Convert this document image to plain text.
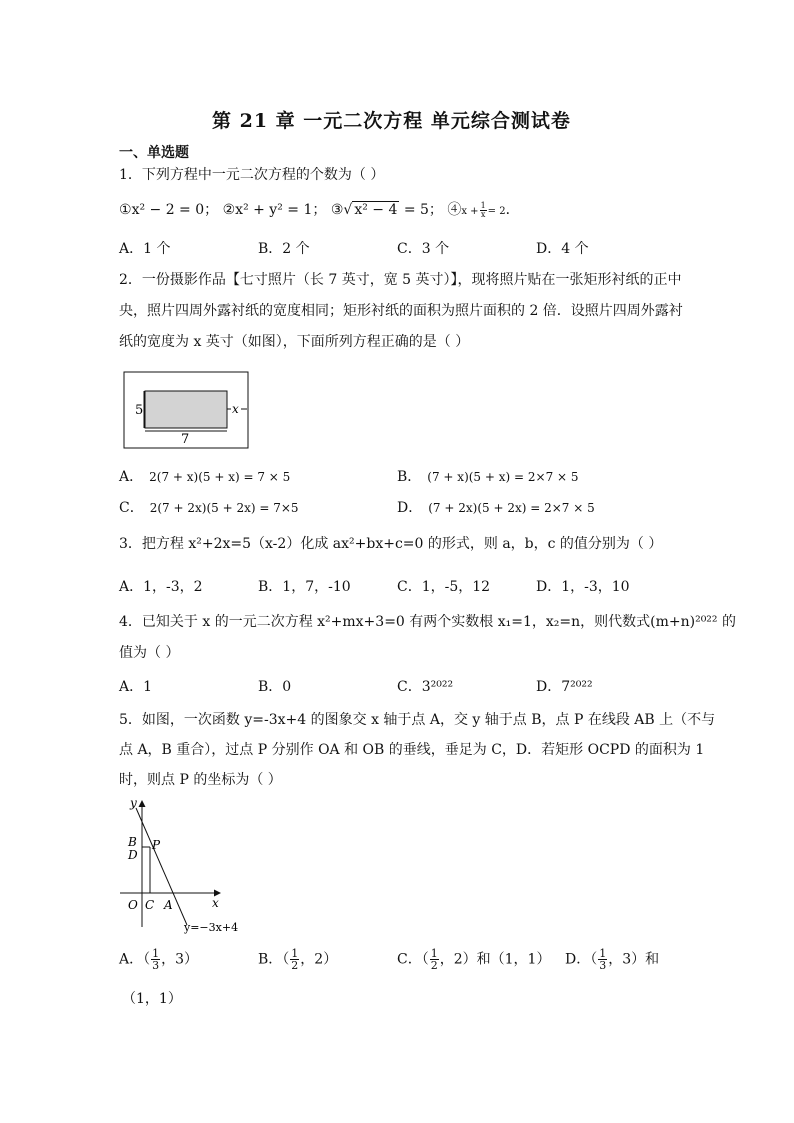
第 21 章 一元二次方程 单元综合测试卷
一、单选题
1．下列方程中一元二次方程的个数为（ ）
①x² − 2 = 0； ②x² + y² = 1； ③√ x² − 4 = 5； ④x + $\frac{1}{x} = 2$．
A．1 个	B．2 个	C．3 个	D．4 个
2．一份摄影作品【七寸照片（长 7 英寸，宽 5 英寸）】，现将照片贴在一张矩形衬纸的正中
央，照片四周外露衬纸的宽度相同；矩形衬纸的面积为照片面积的 2 倍．设照片四周外露衬
纸的宽度为 x 英寸（如图），下面所列方程正确的是（ ）
5
7
x
A． 2(7 + x)(5 + x) = 7 × 5	B． (7 + x)(5 + x) = 2×7 × 5
C． 2(7 + 2x)(5 + 2x) = 7×5	D． (7 + 2x)(5 + 2x) = 2×7 × 5
3．把方程 x²+2x=5（x-2）化成 ax²+bx+c=0 的形式，则 a，b，c 的值分别为（ ）
A．1，-3，2	B．1，7，-10	C．1，-5，12	D．1，-3，10
4．已知关于 x 的一元二次方程 x²+mx+3=0 有两个实数根 x₁=1，x₂=n，则代数式(m+n)²⁰²² 的
值为（ ）
A．1	B．0	C．3²⁰²²	D．7²⁰²²
5．如图，一次函数 y=-3x+4 的图象交 x 轴于点 A，交 y 轴于点 B，点 P 在线段 AB 上（不与
点 A，B 重合），过点 P 分别作 OA 和 OB 的垂线，垂足为 C，D．若矩形 OCPD 的面积为 1
时，则点 P 的坐标为（ ）
y
x
B
D
P
O C A
y=−3x+4
A．（ $\frac{1}{3}$ ，3）	B．（ $\frac{1}{2}$ ，2）	C．（ $\frac{1}{2}$ ，2）和（1，1） D．（ $\frac{1}{3}$ ，3）和
（1，1）
